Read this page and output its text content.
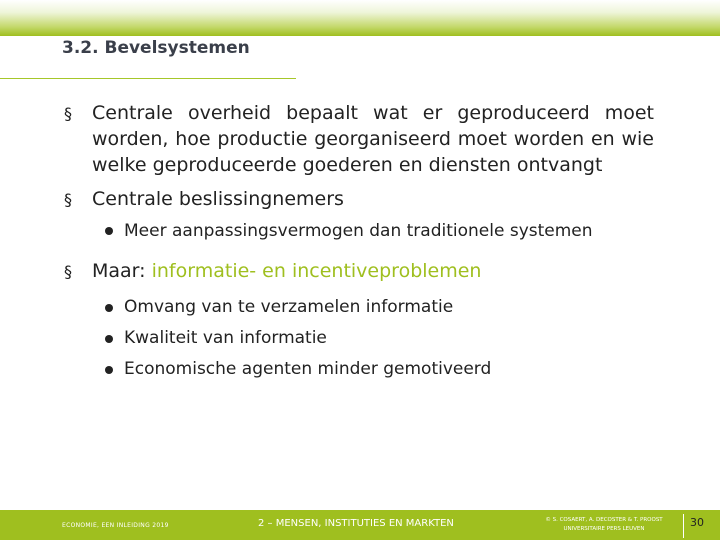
3.2. Bevelsystemen
§ Centrale overheid bepaalt wat er geproduceerd moet worden, hoe productie georganiseerd moet worden en wie welke geproduceerde goederen en diensten ontvangt
§ Centrale beslissingnemers
Meer aanpassingsvermogen dan traditionele systemen
§ Maar: informatie- en incentiveproblemen
Omvang van te verzamelen informatie
Kwaliteit van informatie
Economische agenten minder gemotiveerd
ECONOMIE, EEN INLEIDING 2019	2 – MENSEN, INSTITUTIES EN MARKTEN	© S. COSAERT, A. DECOSTER & T. PROOST
UNIVERSITAIRE PERS LEUVEN	30
